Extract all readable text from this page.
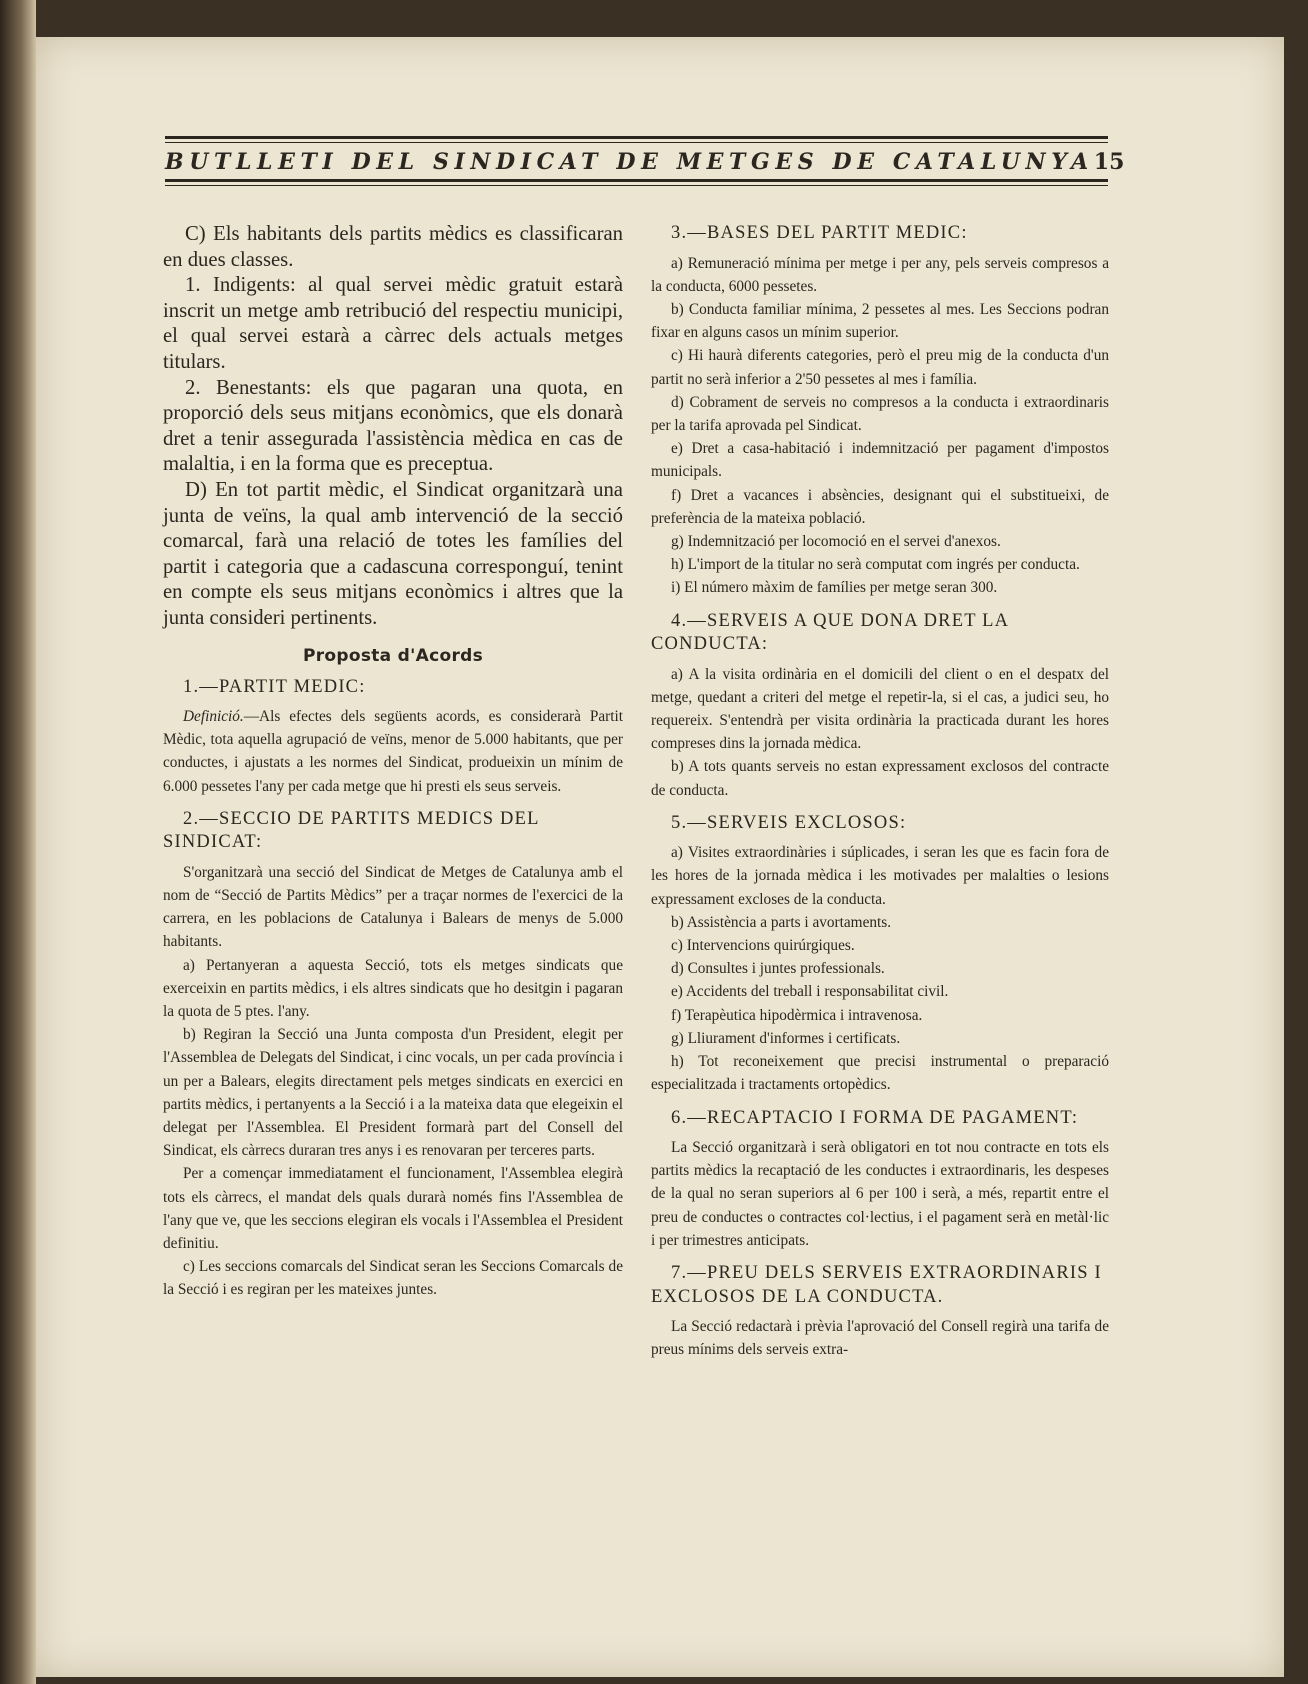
BUTLLETI DEL SINDICAT DE METGES DE CATALUNYA 15

C) Els habitants dels partits mèdics es classificaran en dues classes.

1. Indigents: al qual servei mèdic gratuit estarà inscrit un metge amb retribució del respectiu municipi, el qual servei estarà a càrrec dels actuals metges titulars.

2. Benestants: els que pagaran una quota, en proporció dels seus mitjans econòmics, que els donarà dret a tenir assegurada l'assistència mèdica en cas de malaltia, i en la forma que es preceptua.

D) En tot partit mèdic, el Sindicat organitzarà una junta de veïns, la qual amb intervenció de la secció comarcal, farà una relació de totes les famílies del partit i categoria que a cadascuna corresponguí, tenint en compte els seus mitjans econòmics i altres que la junta consideri pertinents.

Proposta d'Acords

1.—PARTIT MEDIC:

Definició.—Als efectes dels següents acords, es considerarà Partit Mèdic, tota aquella agrupació de veïns, menor de 5.000 habitants, que per conductes, i ajustats a les normes del Sindicat, produeixin un mínim de 6.000 pessetes l'any per cada metge que hi presti els seus serveis.

2.—SECCIO DE PARTITS MEDICS DEL SINDICAT:

S'organitzarà una secció del Sindicat de Metges de Catalunya amb el nom de “Secció de Partits Mèdics” per a traçar normes de l'exercici de la carrera, en les poblacions de Catalunya i Balears de menys de 5.000 habitants.

a) Pertanyeran a aquesta Secció, tots els metges sindicats que exerceixin en partits mèdics, i els altres sindicats que ho desitgin i pagaran la quota de 5 ptes. l'any.

b) Regiran la Secció una Junta composta d'un President, elegit per l'Assemblea de Delegats del Sindicat, i cinc vocals, un per cada província i un per a Balears, elegits directament pels metges sindicats en exercici en partits mèdics, i pertanyents a la Secció i a la mateixa data que elegeixin el delegat per l'Assemblea. El President formarà part del Consell del Sindicat, els càrrecs duraran tres anys i es renovaran per terceres parts.

Per a començar immediatament el funcionament, l'Assemblea elegirà tots els càrrecs, el mandat dels quals durarà només fins l'Assemblea de l'any que ve, que les seccions elegiran els vocals i l'Assemblea el President definitiu.

c) Les seccions comarcals del Sindicat seran les Seccions Comarcals de la Secció i es regiran per les mateixes juntes.

3.—BASES DEL PARTIT MEDIC:

a) Remuneració mínima per metge i per any, pels serveis compresos a la conducta, 6000 pessetes.

b) Conducta familiar mínima, 2 pessetes al mes. Les Seccions podran fixar en alguns casos un mínim superior.

c) Hi haurà diferents categories, però el preu mig de la conducta d'un partit no serà inferior a 2'50 pessetes al mes i família.

d) Cobrament de serveis no compresos a la conducta i extraordinaris per la tarifa aprovada pel Sindicat.

e) Dret a casa-habitació i indemnització per pagament d'impostos municipals.

f) Dret a vacances i absències, designant qui el substitueixi, de preferència de la mateixa població.

g) Indemnització per locomoció en el servei d'anexos.

h) L'import de la titular no serà computat com ingrés per conducta.

i) El número màxim de famílies per metge seran 300.

4.—SERVEIS A QUE DONA DRET LA CONDUCTA:

a) A la visita ordinària en el domicili del client o en el despatx del metge, quedant a criteri del metge el repetir-la, si el cas, a judici seu, ho requereix. S'entendrà per visita ordinària la practicada durant les hores compreses dins la jornada mèdica.

b) A tots quants serveis no estan expressament exclosos del contracte de conducta.

5.—SERVEIS EXCLOSOS:

a) Visites extraordinàries i súplicades, i seran les que es facin fora de les hores de la jornada mèdica i les motivades per malalties o lesions expressament excloses de la conducta.

b) Assistència a parts i avortaments.

c) Intervencions quirúrgiques.

d) Consultes i juntes professionals.

e) Accidents del treball i responsabilitat civil.

f) Terapèutica hipodèrmica i intravenosa.

g) Lliurament d'informes i certificats.

h) Tot reconeixement que precisi instrumental o preparació especialitzada i tractaments ortopèdics.

6.—RECAPTACIO I FORMA DE PAGAMENT:

La Secció organitzarà i serà obligatori en tot nou contracte en tots els partits mèdics la recaptació de les conductes i extraordinaris, les despeses de la qual no seran superiors al 6 per 100 i serà, a més, repartit entre el preu de conductes o contractes col·lectius, i el pagament serà en metàl·lic i per trimestres anticipats.

7.—PREU DELS SERVEIS EXTRAORDINARIS I EXCLOSOS DE LA CONDUCTA.

La Secció redactarà i prèvia l'aprovació del Consell regirà una tarifa de preus mínims dels serveis extra-
